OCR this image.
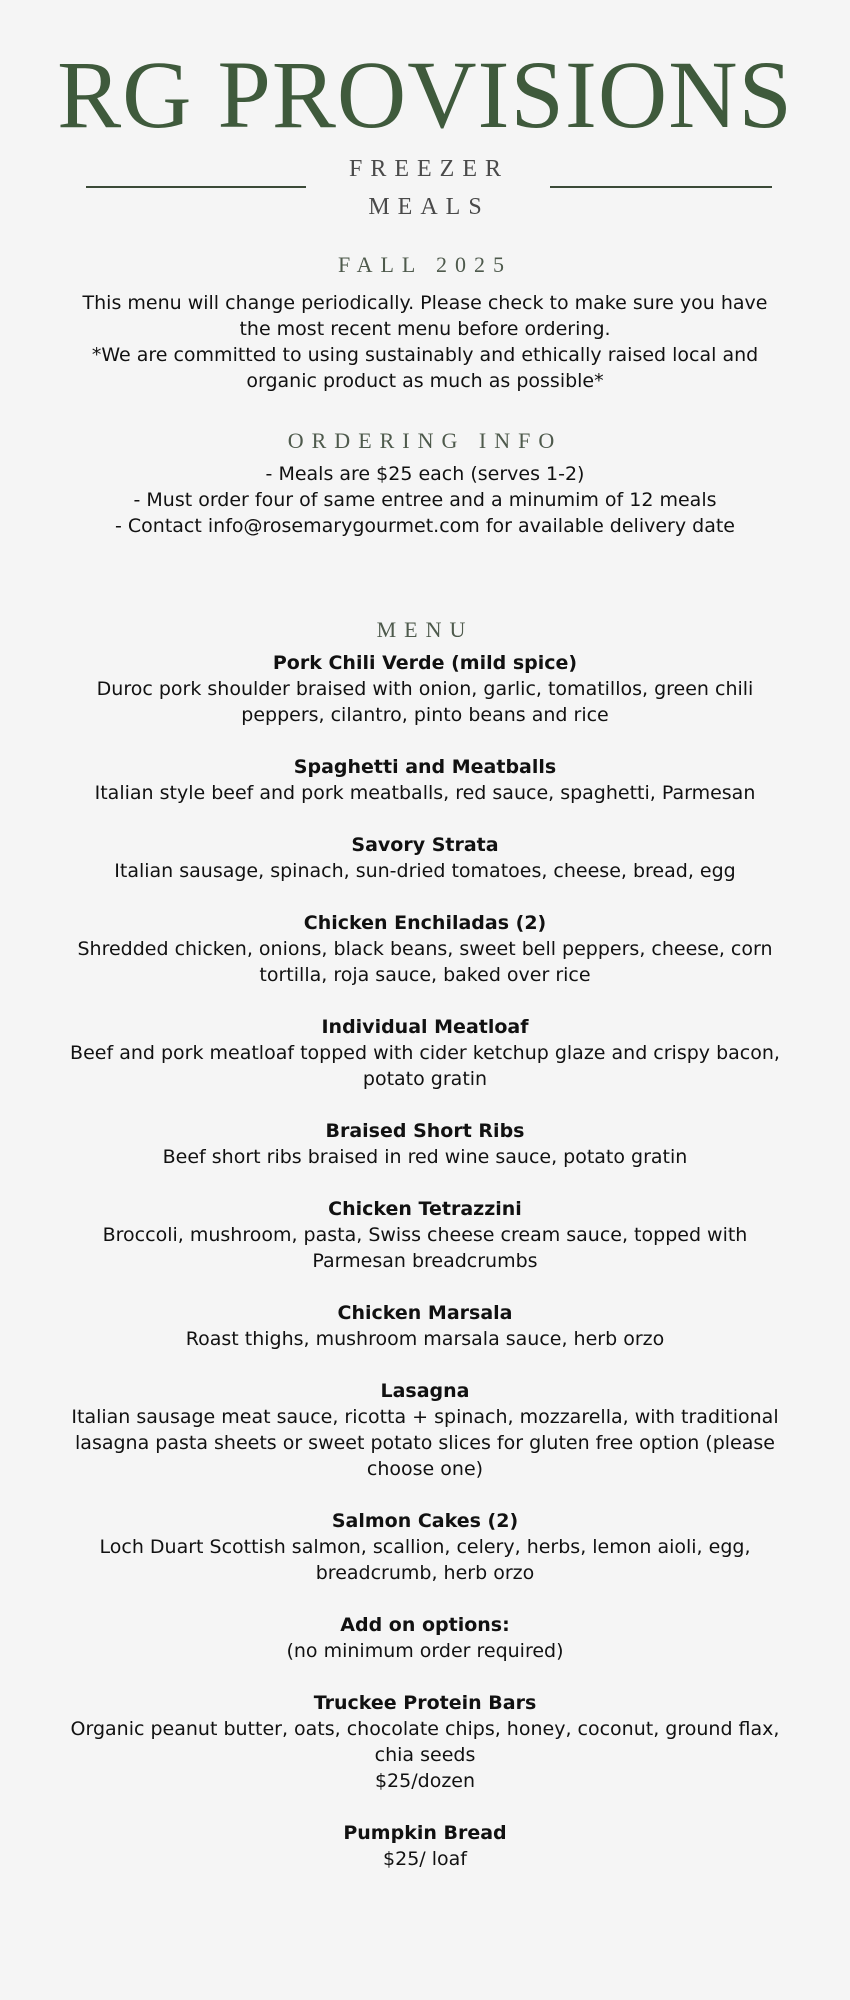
RG PROVISIONS
FREEZER
MEALS
FALL 2025
This menu will change periodically. Please check to make sure you have the most recent menu before ordering.
*We are committed to using sustainably and ethically raised local and organic product as much as possible*
ORDERING INFO
- Meals are $25 each (serves 1-2)
- Must order four of same entree and a minumim of 12 meals
- Contact info@rosemarygourmet.com for available delivery date
MENU
Pork Chili Verde (mild spice)
Duroc pork shoulder braised with onion, garlic, tomatillos, green chili peppers, cilantro, pinto beans and rice
Spaghetti and Meatballs
Italian style beef and pork meatballs, red sauce, spaghetti, Parmesan
Savory Strata
Italian sausage, spinach, sun-dried tomatoes, cheese, bread, egg
Chicken Enchiladas (2)
Shredded chicken, onions, black beans, sweet bell peppers, cheese, corn tortilla, roja sauce, baked over rice
Individual Meatloaf
Beef and pork meatloaf topped with cider ketchup glaze and crispy bacon, potato gratin
Braised Short Ribs
Beef short ribs braised in red wine sauce, potato gratin
Chicken Tetrazzini
Broccoli, mushroom, pasta, Swiss cheese cream sauce, topped with Parmesan breadcrumbs
Chicken Marsala
Roast thighs, mushroom marsala sauce, herb orzo
Lasagna
Italian sausage meat sauce, ricotta + spinach, mozzarella, with traditional lasagna pasta sheets or sweet potato slices for gluten free option (please choose one)
Salmon Cakes (2)
Loch Duart Scottish salmon, scallion, celery, herbs, lemon aioli, egg, breadcrumb, herb orzo
Add on options:
(no minimum order required)
Truckee Protein Bars
Organic peanut butter, oats, chocolate chips, honey, coconut, ground flax, chia seeds
$25/dozen
Pumpkin Bread
$25/ loaf
